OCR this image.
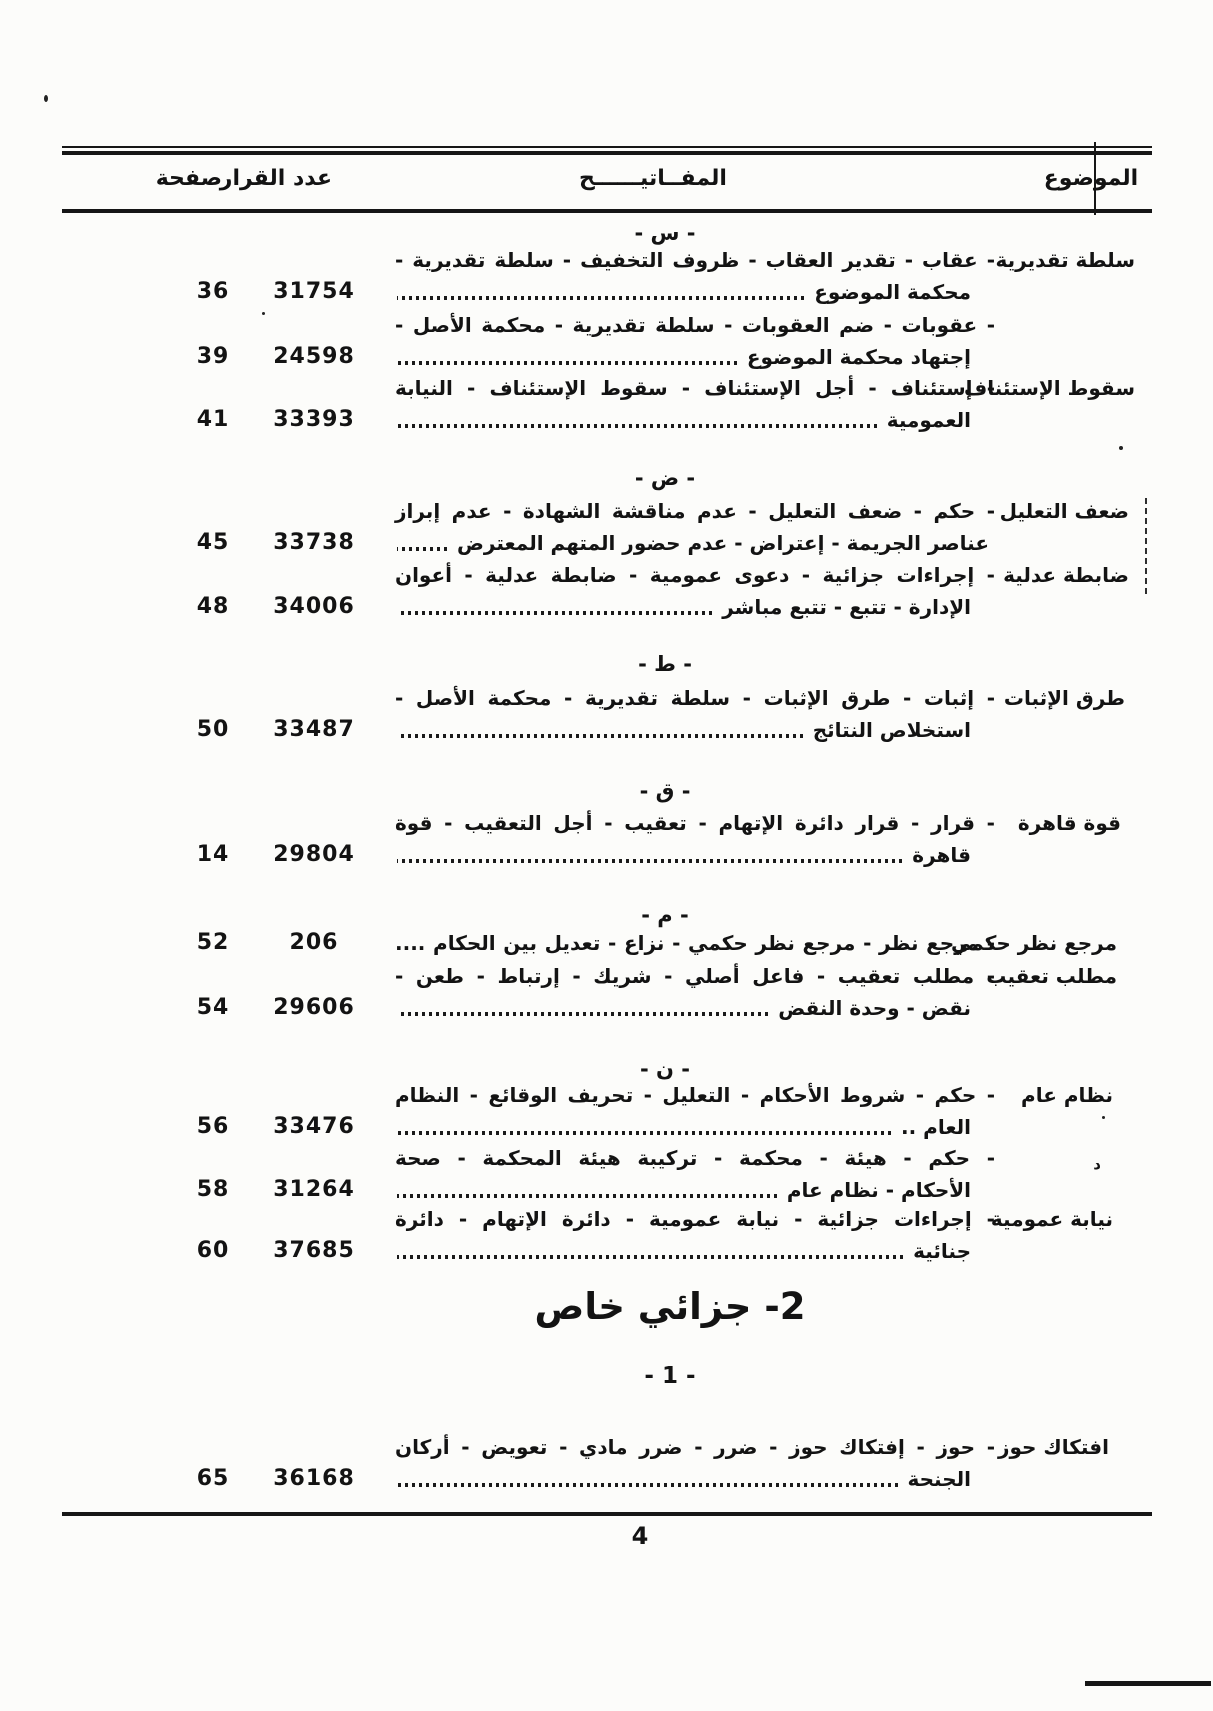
الموضوع
المفــاتيــــــح
عدد القرار
صفحة
- س -
سلطة تقديرية
- عقاب - تقدير العقاب - ظروف التخفيف - سلطة تقديرية -
محكمة الموضوع
31754
36
- عقوبات - ضم العقوبات - سلطة تقديرية - محكمة الأصل -
إجتهاد محكمة الموضوع
24598
39
سقوط الإستئناف
- إستئناف - أجل الإستئناف - سقوط الإستئناف - النيابة
العمومية
33393
41
- ض -
ضعف التعليل
- حكم - ضعف التعليل - عدم مناقشة الشهادة - عدم إبراز
عناصر الجريمة - إعتراض - عدم حضور المتهم المعترض
33738
45
ضابطة عدلية
- إجراءات جزائية - دعوى عمومية - ضابطة عدلية - أعوان
الإدارة - تتبع - تتبع مباشر
34006
48
- ط -
طرق الإثبات
- إثبات - طرق الإثبات - سلطة تقديرية - محكمة الأصل -
استخلاص النتائج
33487
50
- ق -
قوة قاهرة
- قرار - قرار دائرة الإتهام - تعقيب - أجل التعقيب - قوة
قاهرة
29804
14
- م -
مرجع نظر حكمي
- مرجع نظر - مرجع نظر حكمي - نزاع - تعديل بين الحكام ....
206
52
مطلب تعقيب
- مطلب تعقيب - فاعل أصلي - شريك - إرتباط - طعن -
نقض - وحدة النقض
29606
54
- ن -
نظام عام
- حكم - شروط الأحكام - التعليل - تحريف الوقائع - النظام
العام ..
33476
56
د
- حكم - هيئة - محكمة - تركيبة هيئة المحكمة - صحة
الأحكام - نظام عام
31264
58
نيابة عمومية
- إجراءات جزائية - نيابة عمومية - دائرة الإتهام - دائرة
جنائية
37685
60
2- جزائي خاص
- 1 -
افتكاك حوز
- حوز - إفتكاك حوز - ضرر - ضرر مادي - تعويض - أركان
الجنحة
36168
65
4
